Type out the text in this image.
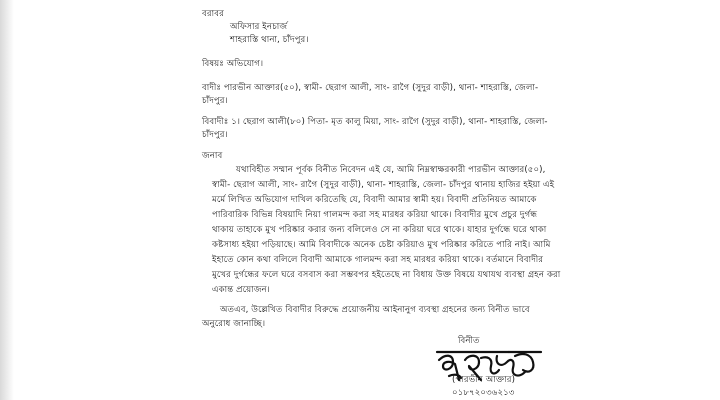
বরাবর
অফিসার ইনচার্জ
শাহরাস্তি থানা, চাঁদপুর।
বিষয়ঃ অভিযোগ।
বাদীঃ পারভীন আক্তার(৫০), স্বামী- ছেরাগ আলী, সাং- রাগৈ (সুদুর বাড়ী), থানা- শাহরাস্তি, জেলা-
চাঁদপুর।
বিবাদীঃ ১। ছেরাগ আলী(৮০) পিতা- মৃত কালু মিয়া, সাং- রাগৈ (সুদুর বাড়ী), থানা- শাহরাস্তি, জেলা-
চাঁদপুর।
জনাব
যথাবিহীত সম্মান পূর্বক বিনীত নিবেদন এই যে, আমি নিম্নস্বাক্ষরকারী পারভীন আক্তার(৫০),
স্বামী- ছেরাগ আলী, সাং- রাগৈ (সুদুর বাড়ী), থানা- শাহরাস্তি, জেলা- চাঁদপুর থানায় হাজির হইয়া এই
মর্মে লিখিত অভিযোগ দাখিল করিতেছি যে, বিবাদী আমার স্বামী হয়। বিবাদী প্রতিনিয়ত আমাকে
পারিবারিক বিভিন্ন বিষয়াদি নিয়া গালমন্দ করা সহ মারধর করিয়া থাকে। বিবাদীর মুখে প্রচুর দুর্গন্ধ
থাকায় তাহাকে মুখ পরিষ্কার করার জন্য বলিলেও সে না করিয়া ঘরে থাকে। যাহার দুর্গন্ধে ঘরে থাকা
কষ্টসাধ্য হইয়া পড়িয়াছে। আমি বিবাদীকে অনেক চেষ্টা করিয়াও মুখ পরিষ্কার করিতে পারি নাই। আমি
ইহাতে কোন কথা বলিলে বিবাদী আমাকে গালমন্দ করা সহ মারধর করিয়া থাকে। বর্তমানে বিবাদীর
মুখের দুর্গন্ধের ফলে ঘরে বসবাস করা সম্ভবপর হইতেছে না বিধায় উক্ত বিষয়ে যথাযথ ব্যবস্থা গ্রহন করা
একান্ত প্রয়োজন।
অতএব, উল্লেখিত বিবাদীর বিরুদ্ধে প্রয়োজনীয় আইনানুগ ব্যবস্থা গ্রহনের জন্য বিনীত ভাবে
অনুরোধ জানাচ্ছি।
বিনীত
(পারভীন আক্তার)
০১৮৭২০৩৬২১৩
